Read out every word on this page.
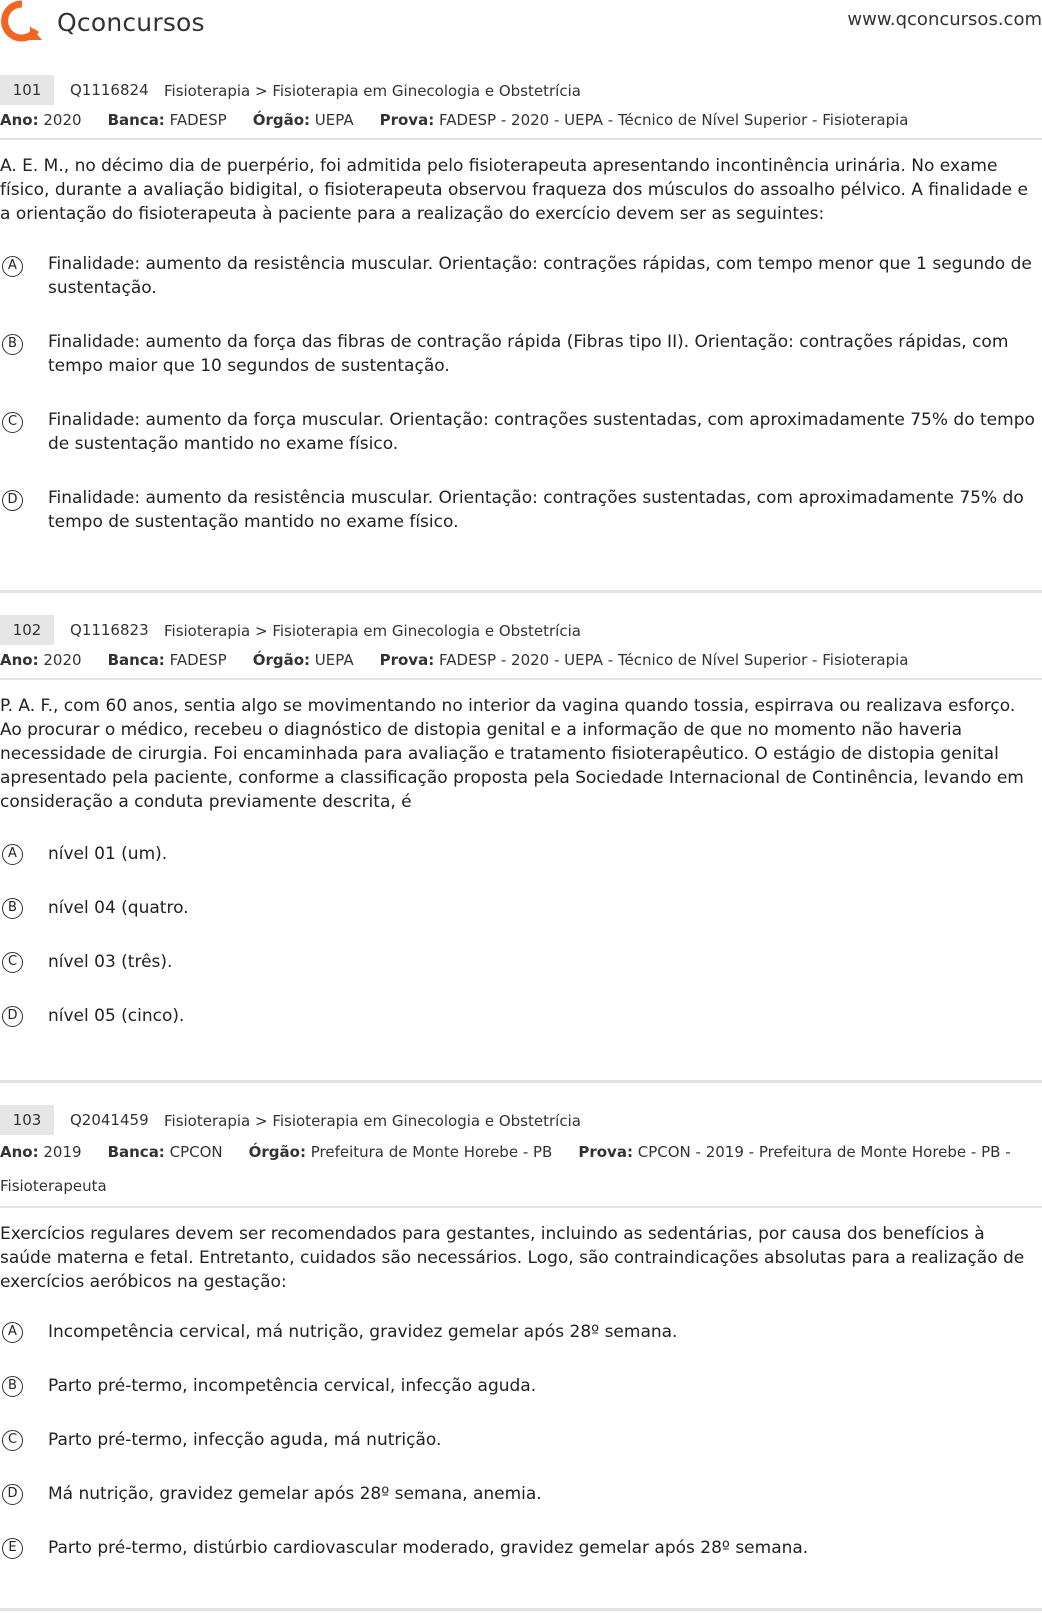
Qconcursos	www.qconcursos.com
101	Q1116824 Fisioterapia > Fisioterapia em Ginecologia e Obstetrícia
Ano: 2020 Banca: FADESP Órgão: UEPA Prova: FADESP - 2020 - UEPA - Técnico de Nível Superior - Fisioterapia
A. E. M., no décimo dia de puerpério, foi admitida pelo fisioterapeuta apresentando incontinência urinária. No exame físico, durante a avaliação bidigital, o fisioterapeuta observou fraqueza dos músculos do assoalho pélvico. A finalidade e a orientação do fisioterapeuta à paciente para a realização do exercício devem ser as seguintes:
A	Finalidade: aumento da resistência muscular. Orientação: contrações rápidas, com tempo menor que 1 segundo de sustentação.
B	Finalidade: aumento da força das fibras de contração rápida (Fibras tipo II). Orientação: contrações rápidas, com tempo maior que 10 segundos de sustentação.
C	Finalidade: aumento da força muscular. Orientação: contrações sustentadas, com aproximadamente 75% do tempo de sustentação mantido no exame físico.
D	Finalidade: aumento da resistência muscular. Orientação: contrações sustentadas, com aproximadamente 75% do tempo de sustentação mantido no exame físico.
102	Q1116823 Fisioterapia > Fisioterapia em Ginecologia e Obstetrícia
Ano: 2020 Banca: FADESP Órgão: UEPA Prova: FADESP - 2020 - UEPA - Técnico de Nível Superior - Fisioterapia
P. A. F., com 60 anos, sentia algo se movimentando no interior da vagina quando tossia, espirrava ou realizava esforço. Ao procurar o médico, recebeu o diagnóstico de distopia genital e a informação de que no momento não haveria necessidade de cirurgia. Foi encaminhada para avaliação e tratamento fisioterapêutico. O estágio de distopia genital apresentado pela paciente, conforme a classificação proposta pela Sociedade Internacional de Continência, levando em consideração a conduta previamente descrita, é
A	nível 01 (um).
B	nível 04 (quatro.
C	nível 03 (três).
D	nível 05 (cinco).
103	Q2041459 Fisioterapia > Fisioterapia em Ginecologia e Obstetrícia
Ano: 2019 Banca: CPCON Órgão: Prefeitura de Monte Horebe - PB Prova: CPCON - 2019 - Prefeitura de Monte Horebe - PB - Fisioterapeuta
Exercícios regulares devem ser recomendados para gestantes, incluindo as sedentárias, por causa dos benefícios à saúde materna e fetal. Entretanto, cuidados são necessários. Logo, são contraindicações absolutas para a realização de exercícios aeróbicos na gestação:
A	Incompetência cervical, má nutrição, gravidez gemelar após 28º semana.
B	Parto pré-termo, incompetência cervical, infecção aguda.
C	Parto pré-termo, infecção aguda, má nutrição.
D	Má nutrição, gravidez gemelar após 28º semana, anemia.
E	Parto pré-termo, distúrbio cardiovascular moderado, gravidez gemelar após 28º semana.
